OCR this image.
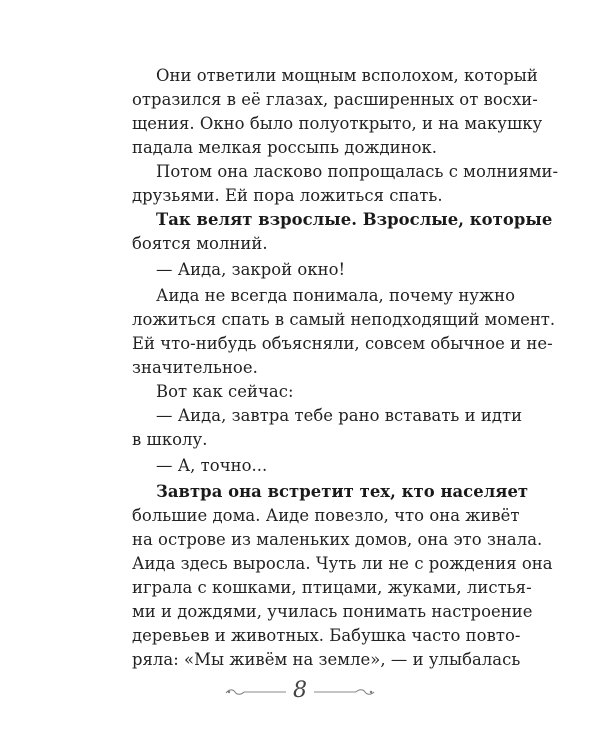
Они ответили мощным всполохом, который
отразился в её глазах, расширенных от восхи-
щения. Окно было полуоткрыто, и на макушку
падала мелкая россыпь дождинок.
Потом она ласково попрощалась с молниями-
друзьями. Ей пора ложиться спать.
Так велят взрослые. Взрослые, которые
боятся молний.
— Аида, закрой окно!
Аида не всегда понимала, почему нужно
ложиться спать в самый неподходящий момент.
Ей что-нибудь объясняли, совсем обычное и не-
значительное.
Вот как сейчас:
— Аида, завтра тебе рано вставать и идти
в школу.
— А, точно...
Завтра она встретит тех, кто населяет
большие дома. Аиде повезло, что она живёт
на острове из маленьких домов, она это знала.
Аида здесь выросла. Чуть ли не с рождения она
играла с кошками, птицами, жуками, листья-
ми и дождями, училась понимать настроение
деревьев и животных. Бабушка часто повто-
ряла: «Мы живём на земле», — и улыбалась
8
